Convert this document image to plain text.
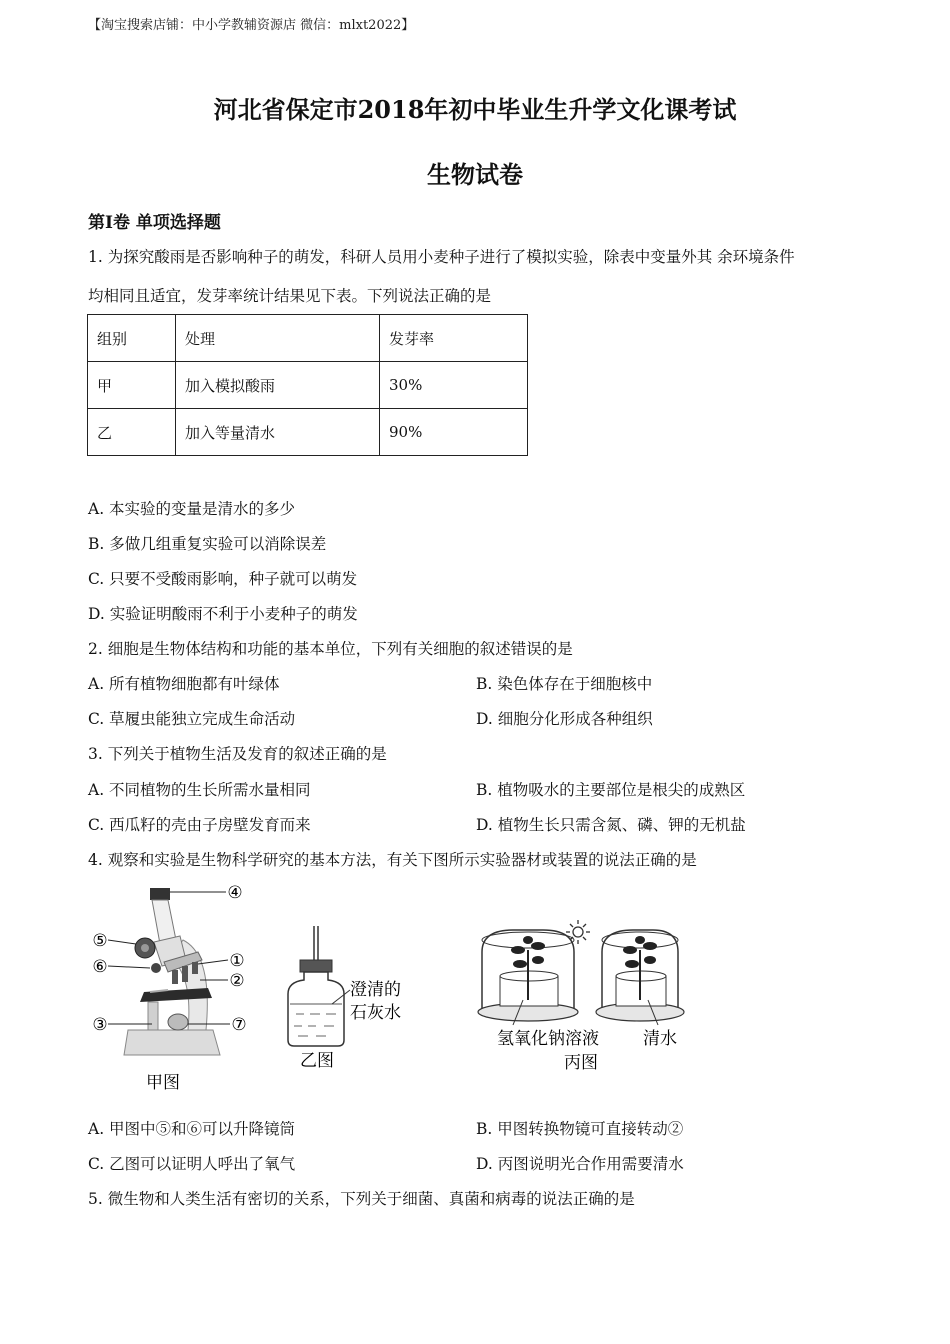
【淘宝搜索店铺：中小学教辅资源店 微信：mlxt2022】
河北省保定市2018年初中毕业生升学文化课考试
生物试卷
第Ⅰ卷 单项选择题
1. 为探究酸雨是否影响种子的萌发，科研人员用小麦种子进行了模拟实验，除表中变量外其 余环境条件
均相同且适宜，发芽率统计结果见下表。下列说法正确的是
组别	处理	发芽率
甲	加入模拟酸雨	30%
乙	加入等量清水	90%
A. 本实验的变量是清水的多少
B. 多做几组重复实验可以消除误差
C. 只要不受酸雨影响，种子就可以萌发
D. 实验证明酸雨不利于小麦种子的萌发
2. 细胞是生物体结构和功能的基本单位，下列有关细胞的叙述错误的是
A. 所有植物细胞都有叶绿体	B. 染色体存在于细胞核中
C. 草履虫能独立完成生命活动	D. 细胞分化形成各种组织
3. 下列关于植物生活及发育的叙述正确的是
A. 不同植物的生长所需水量相同	B. 植物吸水的主要部位是根尖的成熟区
C. 西瓜籽的壳由子房壁发育而来	D. 植物生长只需含氮、磷、钾的无机盐
4. 观察和实验是生物科学研究的基本方法，有关下图所示实验器材或装置的说法正确的是
④
⑤
①
⑥
②
③	⑦
甲图
澄清的
石灰水
乙图
氢氧化钠溶液	清水
丙图
A. 甲图中⑤和⑥可以升降镜筒	B. 甲图转换物镜可直接转动②
C. 乙图可以证明人呼出了氧气	D. 丙图说明光合作用需要清水
5. 微生物和人类生活有密切的关系，下列关于细菌、真菌和病毒的说法正确的是
